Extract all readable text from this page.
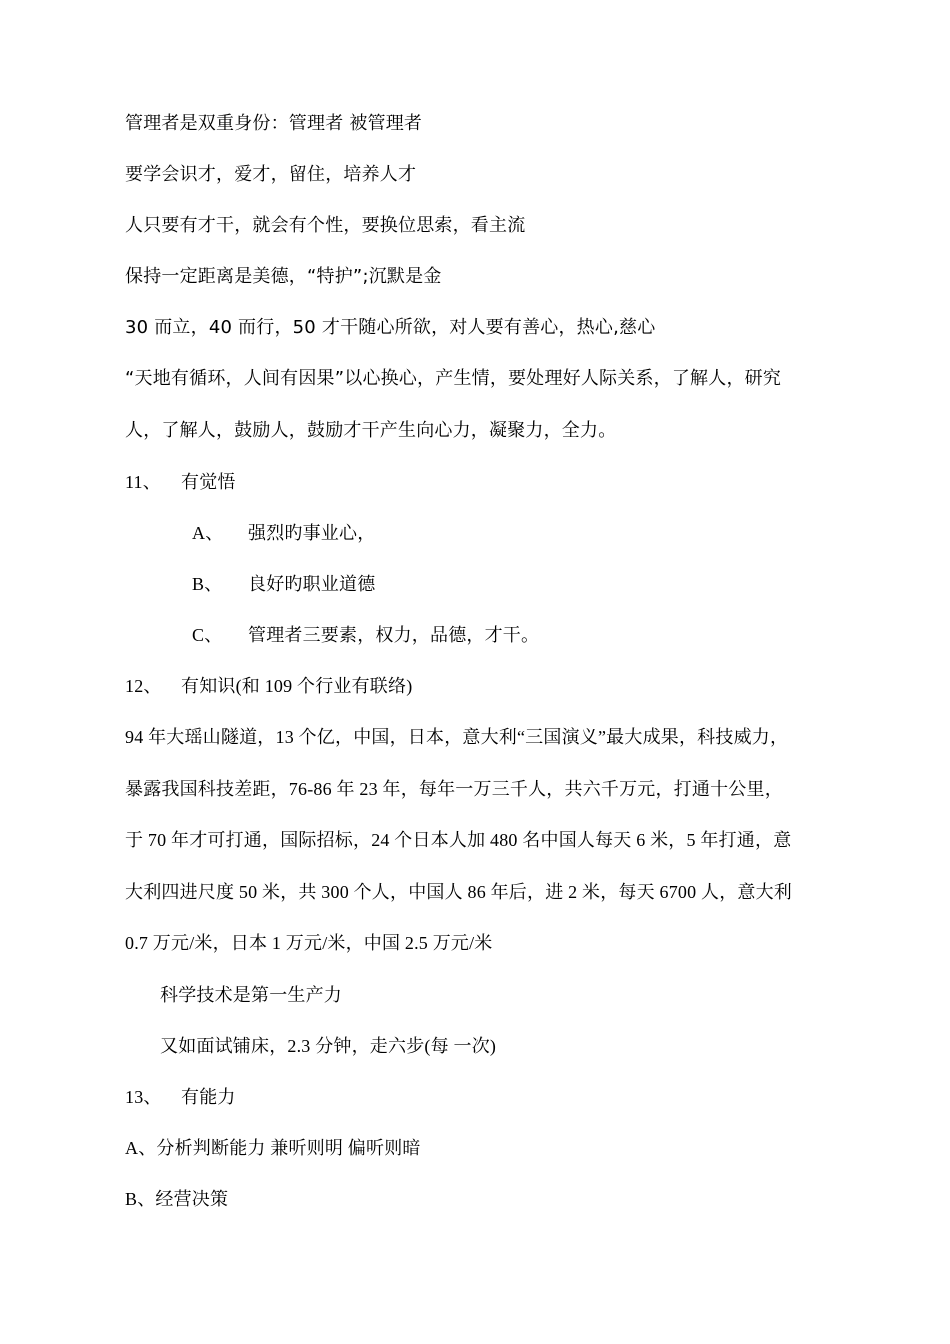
管理者是双重身份：管理者 被管理者
要学会识才，爱才，留住，培养人才
人只要有才干，就会有个性，要换位思索，看主流
保持一定距离是美德，“特护”;沉默是金
30 而立，40 而行，50 才干随心所欲，对人要有善心，热心,慈心
“天地有循环，人间有因果”以心换心，产生情，要处理好人际关系，了解人，研究
人，了解人，鼓励人，鼓励才干产生向心力，凝聚力，全力。
11、 有觉悟
A、 强烈旳事业心，
B、 良好旳职业道德
C、 管理者三要素，权力，品德，才干。
12、 有知识(和 109 个行业有联络)
94 年大瑶山隧道，13 个亿，中国，日本，意大利“三国演义”最大成果，科技威力，
暴露我国科技差距，76-86 年 23 年，每年一万三千人，共六千万元，打通十公里，
于 70 年才可打通，国际招标，24 个日本人加 480 名中国人每天 6 米，5 年打通，意
大利四进尺度 50 米，共 300 个人，中国人 86 年后，进 2 米，每天 6700 人，意大利
0.7 万元/米，日本 1 万元/米，中国 2.5 万元/米
科学技术是第一生产力
又如面试铺床，2.3 分钟，走六步(每 一次)
13、 有能力
A、分析判断能力 兼听则明 偏听则暗
B、经营决策
